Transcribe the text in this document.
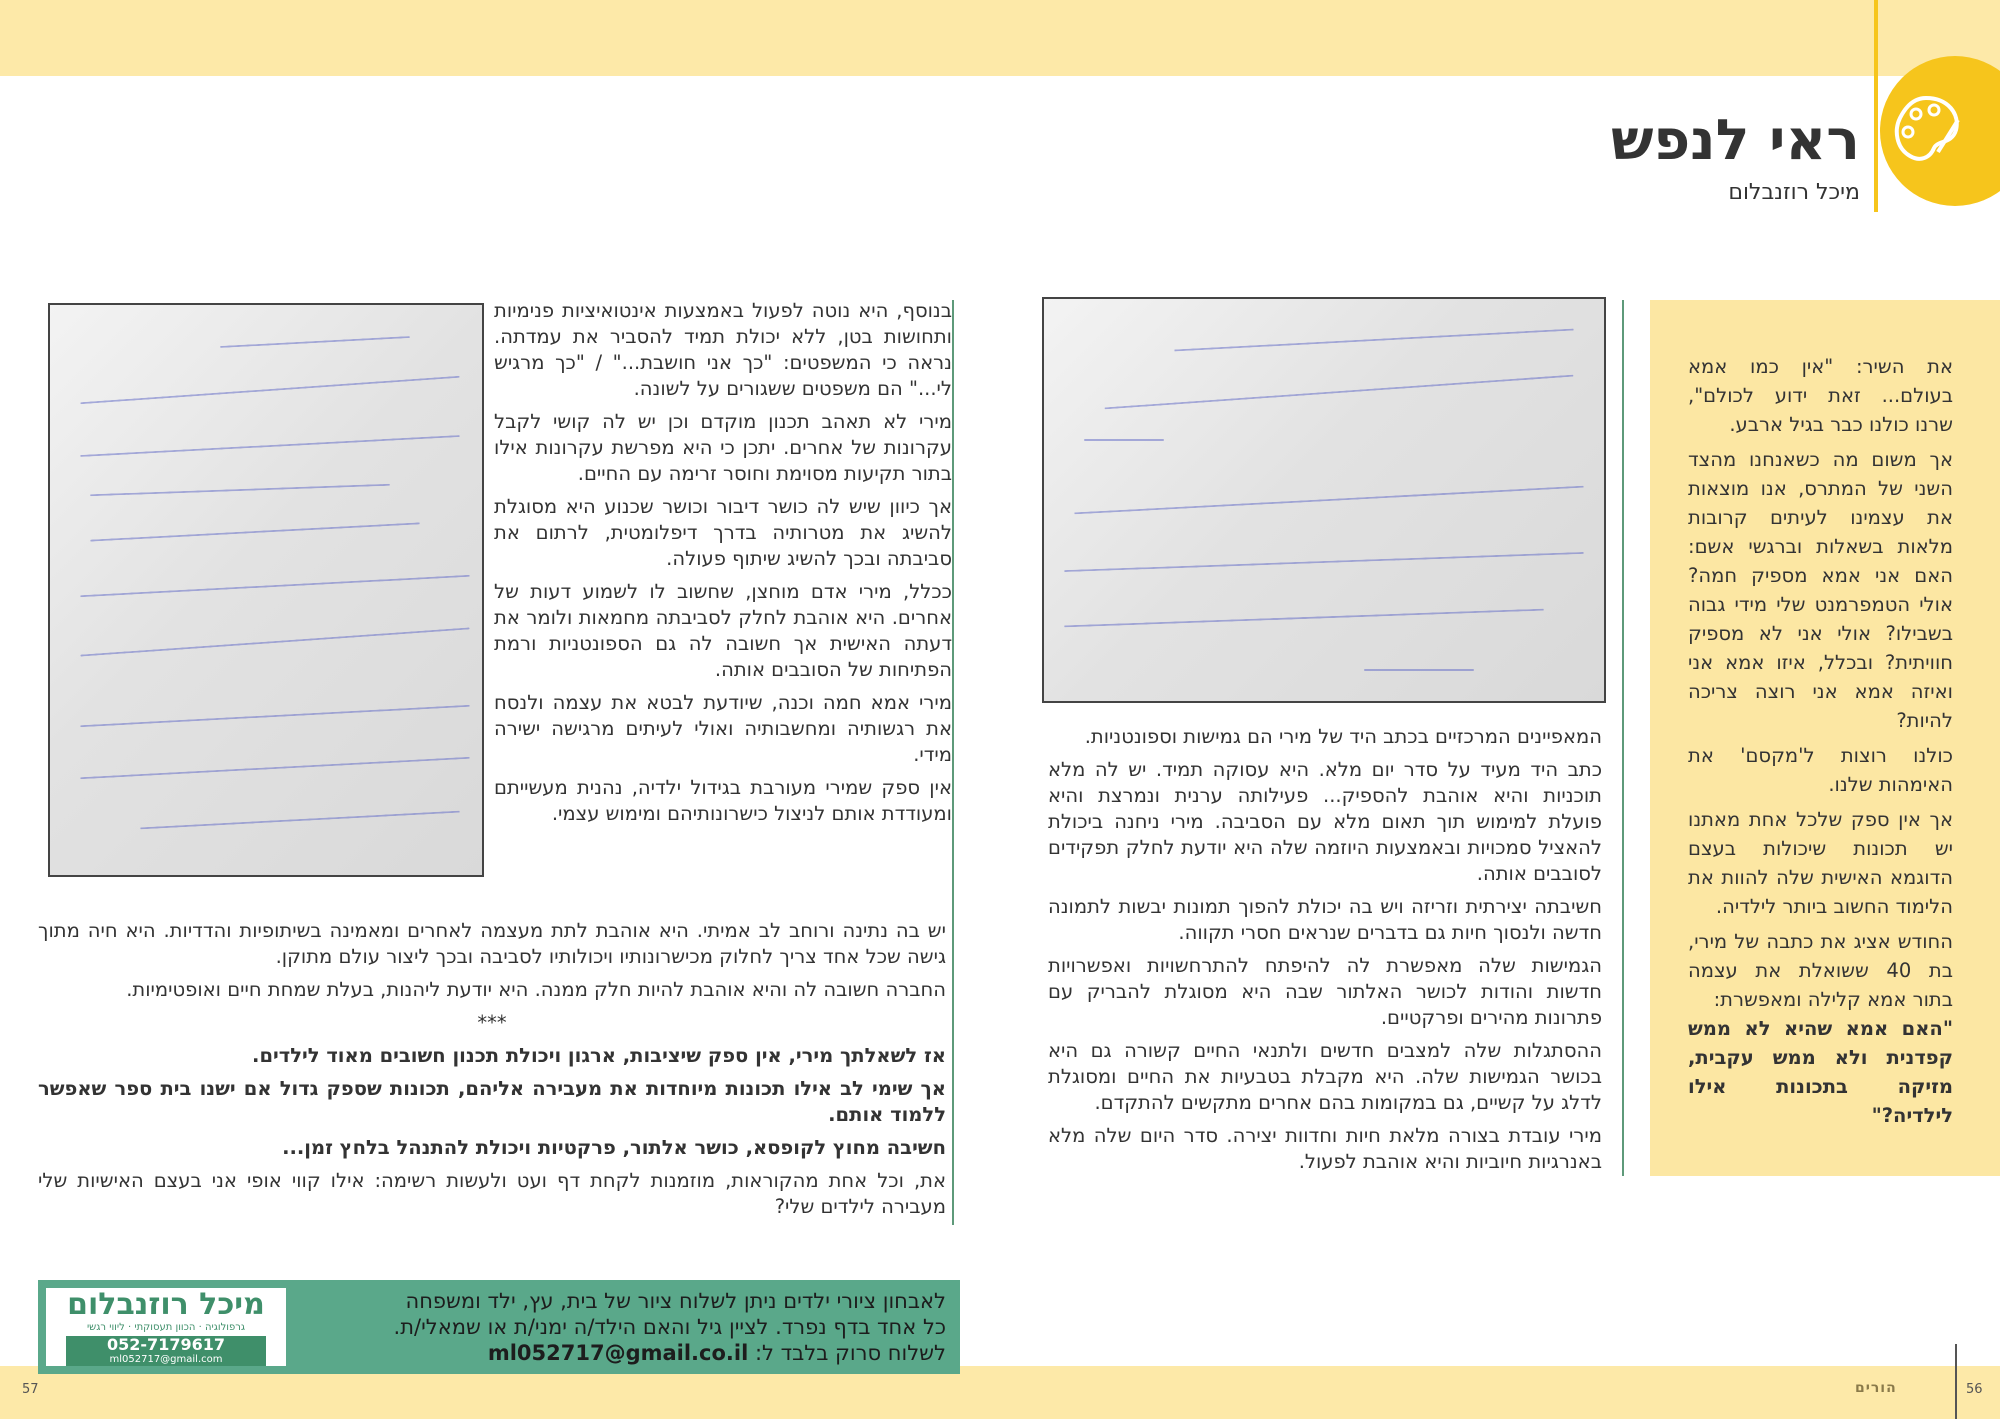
57	56
הורים
ראי לנפש
מיכל רוזנבלום

את השיר: "אין כמו אמא בעולם... זאת ידוע לכולם", שרנו כולנו כבר בגיל ארבע.

אך משום מה כשאנחנו מהצד השני של המתרס, אנו מוצאות את עצמינו לעיתים קרובות מלאות בשאלות וברגשי אשם: האם אני אמא מספיק חמה? אולי הטמפרמנט שלי מידי גבוה בשבילו? אולי אני לא מספיק חוויתית? ובכלל, איזו אמא אני ואיזה אמא אני רוצה צריכה להיות?

כולנו רוצות ל'מקסם' את האימהות שלנו.

אך אין ספק שלכל אחת מאתנו יש תכונות שיכולות בעצם הדוגמא האישית שלה להוות את הלימוד החשוב ביותר לילדיה.

החודש אציג את כתבה של מירי, בת 40 ששואלת את עצמה בתור אמא קלילה ומאפשרת:

"האם אמא שהיא לא ממש קפדנית ולא ממש עקבית, מזיקה בתכונות אילו לילדיה?"

המאפיינים המרכזיים בכתב היד של מירי הם גמישות וספונטניות.

כתב היד מעיד על סדר יום מלא. היא עסוקה תמיד. יש לה מלא תוכניות והיא אוהבת להספיק... פעילותה ערנית ונמרצת והיא פועלת למימוש תוך תאום מלא עם הסביבה. מירי ניחנה ביכולת להאציל סמכויות ובאמצעות היוזמה שלה היא יודעת לחלק תפקידים לסובבים אותה.

חשיבתה יצירתית וזריזה ויש בה יכולת להפוך תמונות יבשות לתמונה חדשה ולנסוך חיות גם בדברים שנראים חסרי תקווה.

הגמישות שלה מאפשרת לה להיפתח להתרחשויות ואפשרויות חדשות והודות לכושר האלתור שבה היא מסוגלת להבריק עם פתרונות מהירים ופרקטיים.

ההסתגלות שלה למצבים חדשים ולתנאי החיים קשורה גם היא בכושר הגמישות שלה. היא מקבלת בטבעיות את החיים ומסוגלת לדלג על קשיים, גם במקומות בהם אחרים מתקשים להתקדם.

מירי עובדת בצורה מלאת חיות וחדוות יצירה. סדר היום שלה מלא באנרגיות חיוביות והיא אוהבת לפעול.

בנוסף, היא נוטה לפעול באמצעות אינטואיציות פנימיות ותחושות בטן, ללא יכולת תמיד להסביר את עמדתה. נראה כי המשפטים: "כך אני חושבת..." / "כך מרגיש לי..." הם משפטים ששגורים על לשונה.

מירי לא תאהב תכנון מוקדם וכן יש לה קושי לקבל עקרונות של אחרים. יתכן כי היא מפרשת עקרונות אילו בתור תקיעות מסוימת וחוסר זרימה עם החיים.

אך כיוון שיש לה כושר דיבור וכושר שכנוע היא מסוגלת להשיג את מטרותיה בדרך דיפלומטית, לרתום את סביבתה ובכך להשיג שיתוף פעולה.

ככלל, מירי אדם מוחצן, שחשוב לו לשמוע דעות של אחרים. היא אוהבת לחלק לסביבתה מחמאות ולומר את דעתה האישית אך חשובה לה גם הספונטניות ורמת הפתיחות של הסובבים אותה.

מירי אמא חמה וכנה, שיודעת לבטא את עצמה ולנסח את רגשותיה ומחשבותיה ואולי לעיתים מרגישה ישירה מידי.

אין ספק שמירי מעורבת בגידול ילדיה, נהנית מעשייתם ומעודדת אותם לניצול כישרונותיהם ומימוש עצמי.

יש בה נתינה ורוחב לב אמיתי. היא אוהבת לתת מעצמה לאחרים ומאמינה בשיתופיות והדדיות. היא חיה מתוך גישה שכל אחד צריך לחלוק מכישרונותיו ויכולותיו לסביבה ובכך ליצור עולם מתוקן.

החברה חשובה לה והיא אוהבת להיות חלק ממנה. היא יודעת ליהנות, בעלת שמחת חיים ואופטימיות.

***

אז לשאלתך מירי, אין ספק שיציבות, ארגון ויכולת תכנון חשובים מאוד לילדים.

אך שימי לב אילו תכונות מיוחדות את מעבירה אליהם, תכונות שספק גדול אם ישנו בית ספר שאפשר ללמוד אותם.

חשיבה מחוץ לקופסא, כושר אלתור, פרקטיות ויכולת להתנהל בלחץ זמן...

את, וכל אחת מהקוראות, מוזמנות לקחת דף ועט ולעשות רשימה: אילו קווי אופי אני בעצם האישיות שלי מעבירה לילדים שלי?

מיכל רוזנבלום
גרפולוגיה · הכוון תעסוקתי · ליווי רגשי
052-7179617
ml052717@gmail.com
לאבחון ציורי ילדים ניתן לשלוח ציור של בית, עץ, ילד ומשפחה
כל אחד בדף נפרד. לציין גיל והאם הילד/ה ימני/ת או שמאלי/ת.
לשלוח סרוק בלבד ל: ml052717@gmail.co.il
